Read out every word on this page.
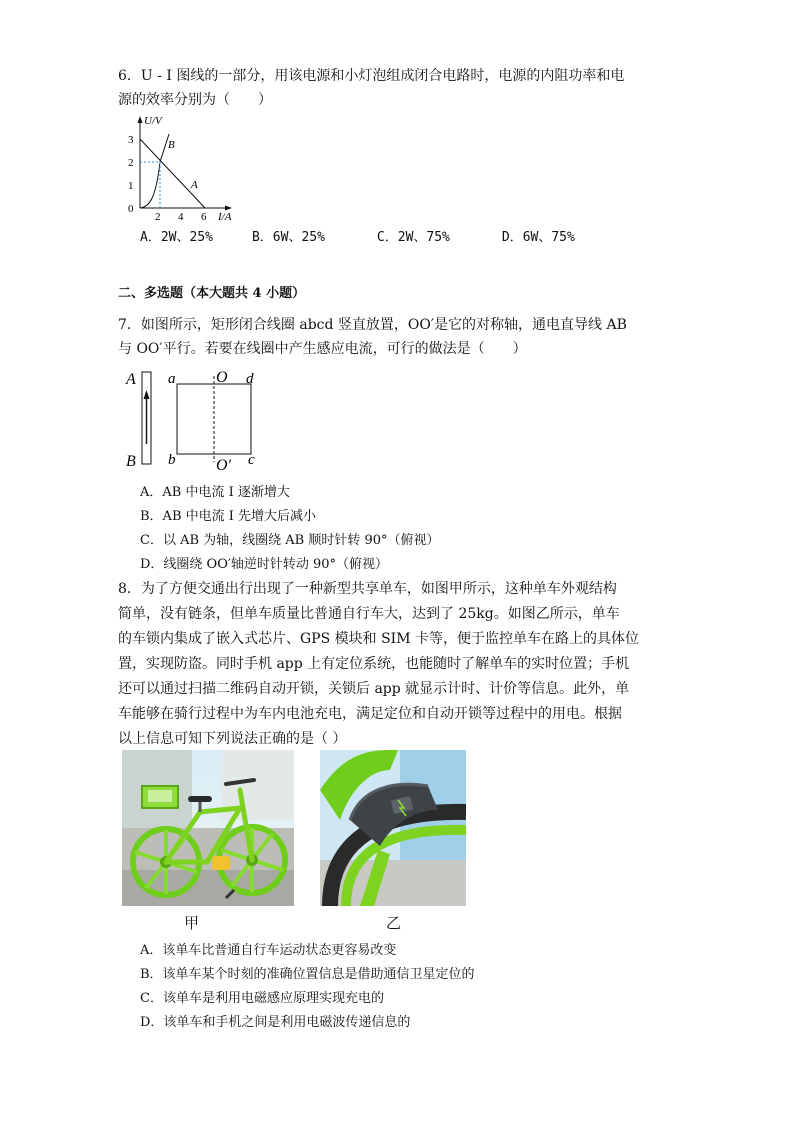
6．U - I 图线的一部分，用该电源和小灯泡组成闭合电路时，电源的内阻功率和电
源的效率分别为（　　）
U/V
I/A
0
1
2
3
2 4 6
B
A
A．2W、25%　　　B．6W、25%　　　　C．2W、75%　　　　D．6W、75%
二、多选题（本大题共 4 小题）
7．如图所示，矩形闭合线圈 abcd 竖直放置，OO′是它的对称轴，通电直导线 AB
与 OO′平行。若要在线圈中产生感应电流，可行的做法是（　　）
A
B
a	d
b	c
O
O′
A．AB 中电流 I 逐渐增大
B．AB 中电流 I 先增大后减小
C．以 AB 为轴，线圈绕 AB 顺时针转 90°（俯视）
D．线圈绕 OO′轴逆时针转动 90°（俯视）
8．为了方便交通出行出现了一种新型共享单车，如图甲所示，这种单车外观结构
简单，没有链条，但单车质量比普通自行车大，达到了 25kg。如图乙所示，单车
的车锁内集成了嵌入式芯片、GPS 模块和 SIM 卡等，便于监控单车在路上的具体位
置，实现防盗。同时手机 app 上有定位系统，也能随时了解单车的实时位置；手机
还可以通过扫描二维码自动开锁，关锁后 app 就显示计时、计价等信息。此外，单
车能够在骑行过程中为车内电池充电，满足定位和自动开锁等过程中的用电。根据
以上信息可知下列说法正确的是（ ）
甲	乙
A．该单车比普通自行车运动状态更容易改变
B．该单车某个时刻的准确位置信息是借助通信卫星定位的
C．该单车是利用电磁感应原理实现充电的
D．该单车和手机之间是利用电磁波传递信息的
